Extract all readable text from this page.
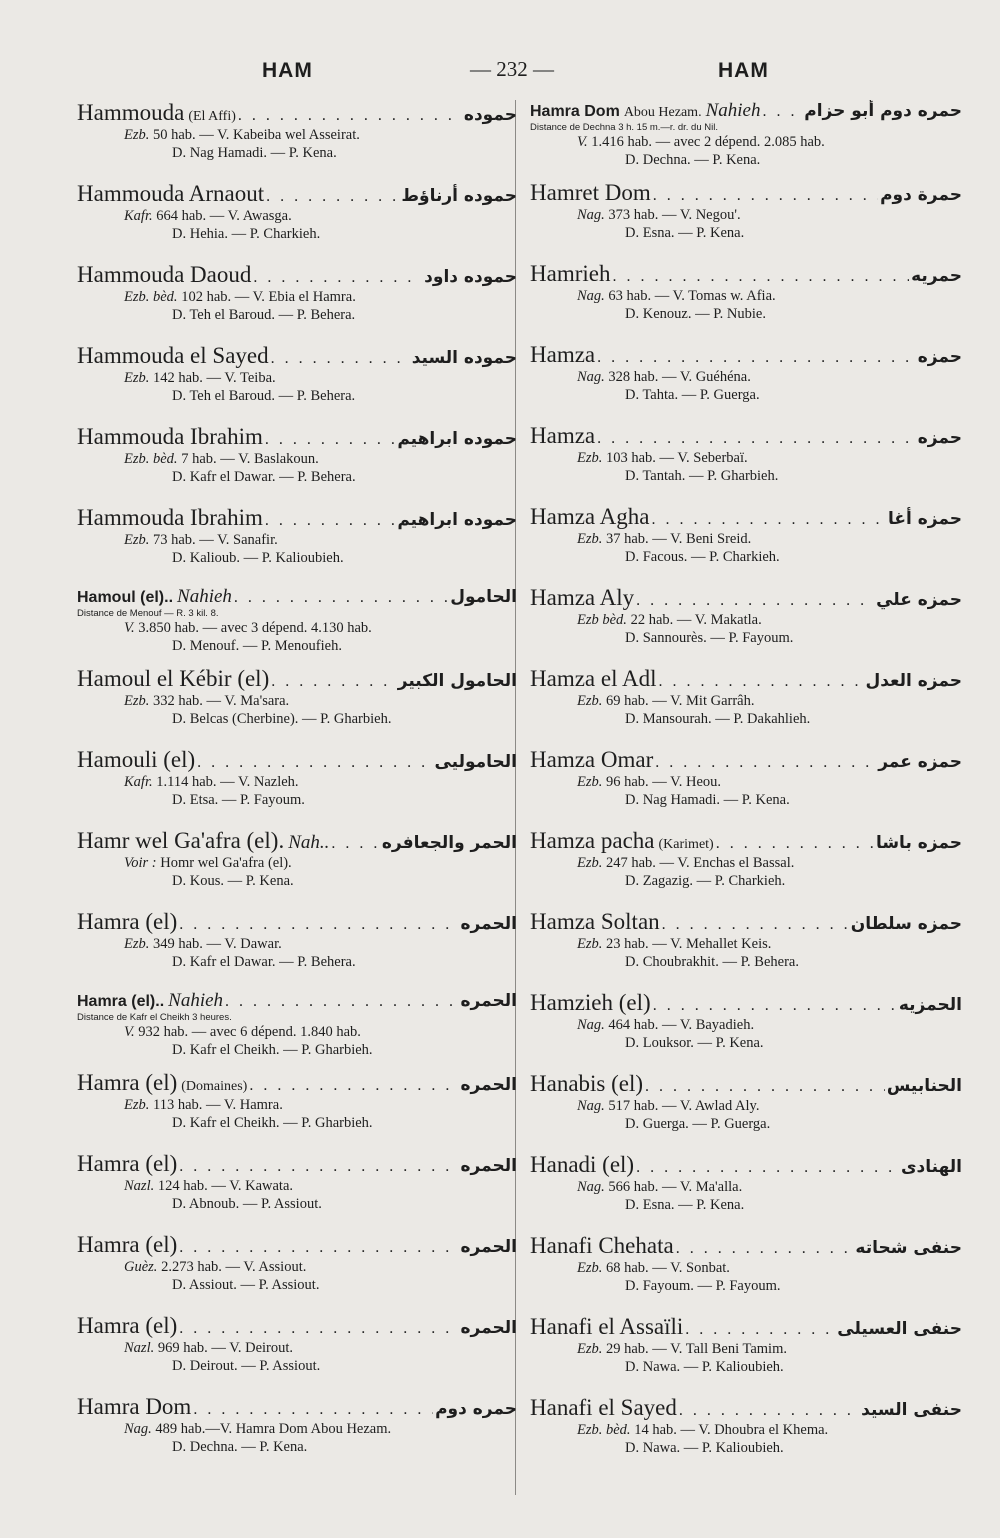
HAM	— 232 —	HAM
Hammouda (El Affi) . . .	حموده
Ezb. 50 hab. — V. Kabeiba wel Asseirat.
D. Nag Hamadi. — P. Kena.
Hammouda Arnaout . . .	حموده أرناؤط
Kafr. 664 hab. — V. Awasga.
D. Hehia. — P. Charkieh.
Hammouda Daoud . . .	حموده داود
Ezb. bèd. 102 hab. — V. Ebia el Hamra.
D. Teh el Baroud. — P. Behera.
Hammouda el Sayed . . .	حموده السيد
Ezb. 142 hab. — V. Teiba.
D. Teh el Baroud. — P. Behera.
Hammouda Ibrahim . . .	حموده ابراهيم
Ezb. bèd. 7 hab. — V. Baslakoun.
D. Kafr el Dawar. — P. Behera.
Hammouda Ibrahim . . .	حموده ابراهيم
Ezb. 73 hab. — V. Sanafir.
D. Kalioub. — P. Kalioubieh.
Hamoul (el).. Nahieh . . .	الحامول
Distance de Menouf — R. 3 kil. 8.
V. 3.850 hab. — avec 3 dépend. 4.130 hab.
D. Menouf. — P. Menoufieh.
Hamoul el Kébir (el) . . .	الحامول الكبير
Ezb. 332 hab. — V. Ma'sara.
D. Belcas (Cherbine). — P. Gharbieh.
Hamouli (el) . . .	الحاموليى
Kafr. 1.114 hab. — V. Nazleh.
D. Etsa. — P. Fayoum.
Hamr wel Ga'afra (el). Nah.. . . .	الحمر والجعافره
Voir : Homr wel Ga'afra (el).
D. Kous. — P. Kena.
Hamra (el) . . .	الحمره
Ezb. 349 hab. — V. Dawar.
D. Kafr el Dawar. — P. Behera.
Hamra (el).. Nahieh . . .	الحمره
Distance de Kafr el Cheikh 3 heures.
V. 932 hab. — avec 6 dépend. 1.840 hab.
D. Kafr el Cheikh. — P. Gharbieh.
Hamra (el) (Domaines) . . .	الحمره
Ezb. 113 hab. — V. Hamra.
D. Kafr el Cheikh. — P. Gharbieh.
Hamra (el) . . .	الحمره
Nazl. 124 hab. — V. Kawata.
D. Abnoub. — P. Assiout.
Hamra (el) . . .	الحمره
Guèz. 2.273 hab. — V. Assiout.
D. Assiout. — P. Assiout.
Hamra (el) . . .	الحمره
Nazl. 969 hab. — V. Deirout.
D. Deirout. — P. Assiout.
Hamra Dom . . .	حمره دوم
Nag. 489 hab.—V. Hamra Dom Abou Hezam.
D. Dechna. — P. Kena.
Hamra Dom Abou Hezam. Nahieh . . .	حمره دوم أبو حزام
Distance de Dechna 3 h. 15 m.—r. dr. du Nil.
V. 1.416 hab. — avec 2 dépend. 2.085 hab.
D. Dechna. — P. Kena.
Hamret Dom . . .	حمرة دوم
Nag. 373 hab. — V. Negou'.
D. Esna. — P. Kena.
Hamrieh . . .	حمريه
Nag. 63 hab. — V. Tomas w. Afia.
D. Kenouz. — P. Nubie.
Hamza . . .	حمزه
Nag. 328 hab. — V. Guéhéna.
D. Tahta. — P. Guerga.
Hamza . . .	حمزه
Ezb. 103 hab. — V. Seberbaï.
D. Tantah. — P. Gharbieh.
Hamza Agha . . .	حمزه أغا
Ezb. 37 hab. — V. Beni Sreid.
D. Facous. — P. Charkieh.
Hamza Aly . . .	حمزه علي
Ezb bèd. 22 hab. — V. Makatla.
D. Sannourès. — P. Fayoum.
Hamza el Adl . . .	حمزه العدل
Ezb. 69 hab. — V. Mit Garrâh.
D. Mansourah. — P. Dakahlieh.
Hamza Omar . . .	حمزه عمر
Ezb. 96 hab. — V. Heou.
D. Nag Hamadi. — P. Kena.
Hamza pacha (Karimet) . . .	حمزه باشا
Ezb. 247 hab. — V. Enchas el Bassal.
D. Zagazig. — P. Charkieh.
Hamza Soltan . . .	حمزه سلطان
Ezb. 23 hab. — V. Mehallet Keis.
D. Choubrakhit. — P. Behera.
Hamzieh (el) . . .	الحمزيه
Nag. 464 hab. — V. Bayadieh.
D. Louksor. — P. Kena.
Hanabis (el) . . .	الحنابيس
Nag. 517 hab. — V. Awlad Aly.
D. Guerga. — P. Guerga.
Hanadi (el) . . .	الهنادى
Nag. 566 hab. — V. Ma'alla.
D. Esna. — P. Kena.
Hanafi Chehata . . .	حنفى شحاته
Ezb. 68 hab. — V. Sonbat.
D. Fayoum. — P. Fayoum.
Hanafi el Assaïli . . .	حنفى العسيلى
Ezb. 29 hab. — V. Tall Beni Tamim.
D. Nawa. — P. Kalioubieh.
Hanafi el Sayed . . .	حنفى السيد
Ezb. bèd. 14 hab. — V. Dhoubra el Khema.
D. Nawa. — P. Kalioubieh.
